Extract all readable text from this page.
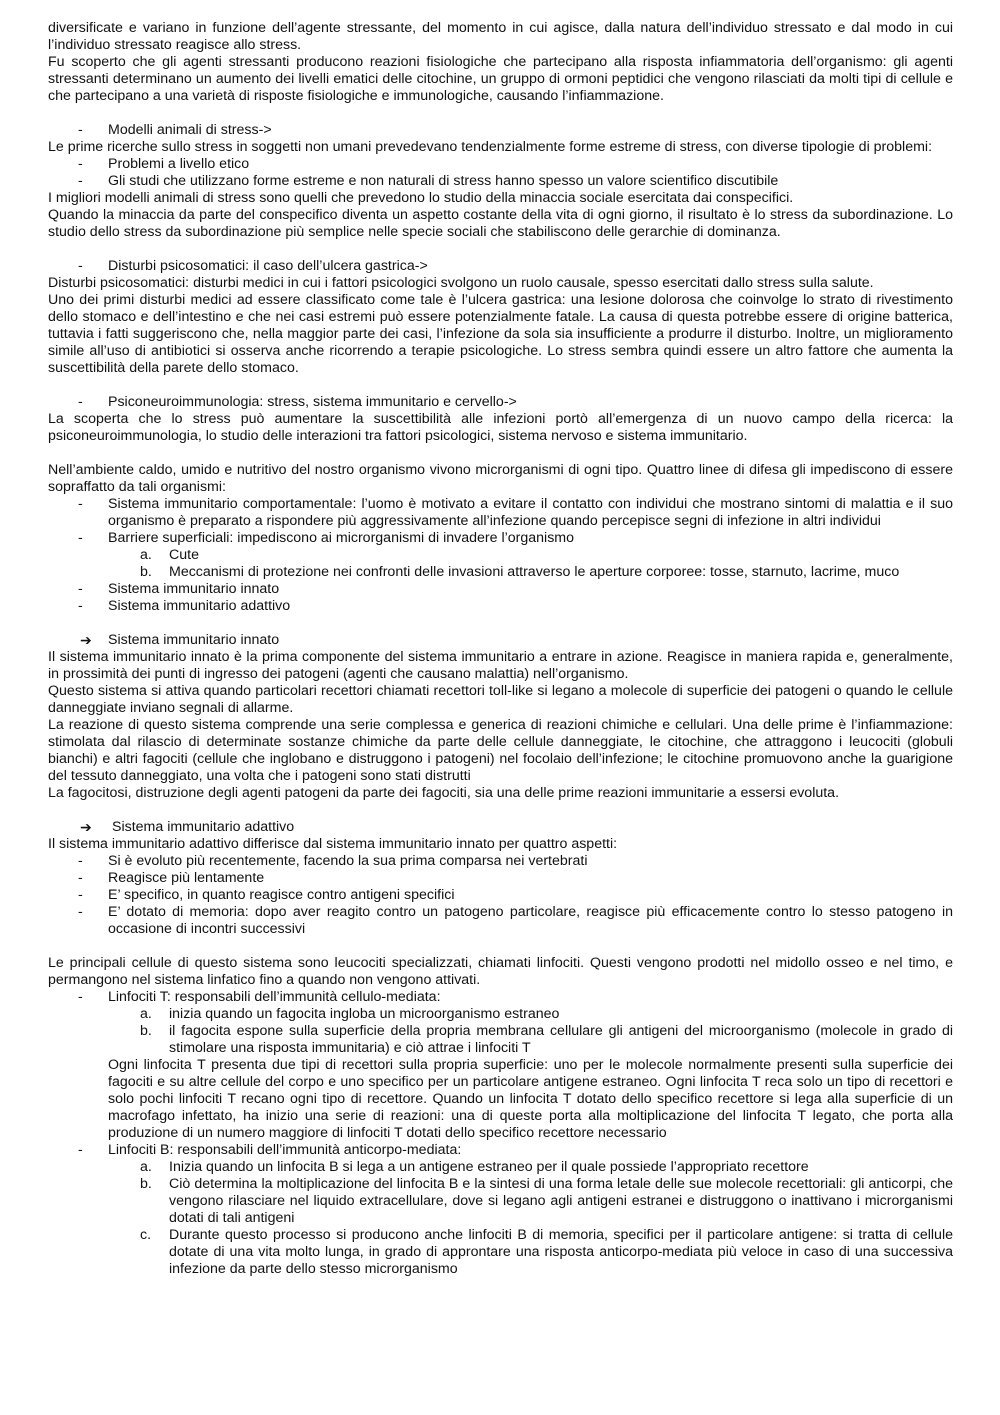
diversificate e variano in funzione dell’agente stressante, del momento in cui agisce, dalla natura dell’individuo stressato e dal modo in cui l’individuo stressato reagisce allo stress.

Fu scoperto che gli agenti stressanti producono reazioni fisiologiche che partecipano alla risposta infiammatoria dell’organismo: gli agenti stressanti determinano un aumento dei livelli ematici delle citochine, un gruppo di ormoni peptidici che vengono rilasciati da molti tipi di cellule e che partecipano a una varietà di risposte fisiologiche e immunologiche, causando l’infiammazione.

- Modelli animali di stress->

Le prime ricerche sullo stress in soggetti non umani prevedevano tendenzialmente forme estreme di stress, con diverse tipologie di problemi:

- Problemi a livello etico
- Gli studi che utilizzano forme estreme e non naturali di stress hanno spesso un valore scientifico discutibile

I migliori modelli animali di stress sono quelli che prevedono lo studio della minaccia sociale esercitata dai conspecifici.

Quando la minaccia da parte del conspecifico diventa un aspetto costante della vita di ogni giorno, il risultato è lo stress da subordinazione. Lo studio dello stress da subordinazione più semplice nelle specie sociali che stabiliscono delle gerarchie di dominanza.

- Disturbi psicosomatici: il caso dell’ulcera gastrica->

Disturbi psicosomatici: disturbi medici in cui i fattori psicologici svolgono un ruolo causale, spesso esercitati dallo stress sulla salute.

Uno dei primi disturbi medici ad essere classificato come tale è l’ulcera gastrica: una lesione dolorosa che coinvolge lo strato di rivestimento dello stomaco e dell’intestino e che nei casi estremi può essere potenzialmente fatale. La causa di questa potrebbe essere di origine batterica, tuttavia i fatti suggeriscono che, nella maggior parte dei casi, l’infezione da sola sia insufficiente a produrre il disturbo. Inoltre, un miglioramento simile all’uso di antibiotici si osserva anche ricorrendo a terapie psicologiche. Lo stress sembra quindi essere un altro fattore che aumenta la suscettibilità della parete dello stomaco.

- Psiconeuroimmunologia: stress, sistema immunitario e cervello->

La scoperta che lo stress può aumentare la suscettibilità alle infezioni portò all’emergenza di un nuovo campo della ricerca: la psiconeuroimmunologia, lo studio delle interazioni tra fattori psicologici, sistema nervoso e sistema immunitario.

Nell’ambiente caldo, umido e nutritivo del nostro organismo vivono microrganismi di ogni tipo. Quattro linee di difesa gli impediscono di essere sopraffatto da tali organismi:

- Sistema immunitario comportamentale: l’uomo è motivato a evitare il contatto con individui che mostrano sintomi di malattia e il suo organismo è preparato a rispondere più aggressivamente all’infezione quando percepisce segni di infezione in altri individui
- Barriere superficiali: impediscono ai microrganismi di invadere l’organismo
a. Cute
b. Meccanismi di protezione nei confronti delle invasioni attraverso le aperture corporee: tosse, starnuto, lacrime, muco
- Sistema immunitario innato
- Sistema immunitario adattivo
➔ Sistema immunitario innato

Il sistema immunitario innato è la prima componente del sistema immunitario a entrare in azione. Reagisce in maniera rapida e, generalmente, in prossimità dei punti di ingresso dei patogeni (agenti che causano malattia) nell’organismo.

Questo sistema si attiva quando particolari recettori chiamati recettori toll-like si legano a molecole di superficie dei patogeni o quando le cellule danneggiate inviano segnali di allarme.

La reazione di questo sistema comprende una serie complessa e generica di reazioni chimiche e cellulari. Una delle prime è l’infiammazione: stimolata dal rilascio di determinate sostanze chimiche da parte delle cellule danneggiate, le citochine, che attraggono i leucociti (globuli bianchi) e altri fagociti (cellule che inglobano e distruggono i patogeni) nel focolaio dell’infezione; le citochine promuovono anche la guarigione del tessuto danneggiato, una volta che i patogeni sono stati distrutti

La fagocitosi, distruzione degli agenti patogeni da parte dei fagociti, sia una delle prime reazioni immunitarie a essersi evoluta.

➔ Sistema immunitario adattivo

Il sistema immunitario adattivo differisce dal sistema immunitario innato per quattro aspetti:

- Si è evoluto più recentemente, facendo la sua prima comparsa nei vertebrati
- Reagisce più lentamente
- E’ specifico, in quanto reagisce contro antigeni specifici
- E’ dotato di memoria: dopo aver reagito contro un patogeno particolare, reagisce più efficacemente contro lo stesso patogeno in occasione di incontri successivi

Le principali cellule di questo sistema sono leucociti specializzati, chiamati linfociti. Questi vengono prodotti nel midollo osseo e nel timo, e permangono nel sistema linfatico fino a quando non vengono attivati.

- Linfociti T: responsabili dell’immunità cellulo-mediata:
a. inizia quando un fagocita ingloba un microorganismo estraneo
b. il fagocita espone sulla superficie della propria membrana cellulare gli antigeni del microorganismo (molecole in grado di stimolare una risposta immunitaria) e ciò attrae i linfociti T

Ogni linfocita T presenta due tipi di recettori sulla propria superficie: uno per le molecole normalmente presenti sulla superficie dei fagociti e su altre cellule del corpo e uno specifico per un particolare antigene estraneo. Ogni linfocita T reca solo un tipo di recettori e solo pochi linfociti T recano ogni tipo di recettore. Quando un linfocita T dotato dello specifico recettore si lega alla superficie di un macrofago infettato, ha inizio una serie di reazioni: una di queste porta alla moltiplicazione del linfocita T legato, che porta alla produzione di un numero maggiore di linfociti T dotati dello specifico recettore necessario

- Linfociti B: responsabili dell’immunità anticorpo-mediata:
a. Inizia quando un linfocita B si lega a un antigene estraneo per il quale possiede l’appropriato recettore
b. Ciò determina la moltiplicazione del linfocita B e la sintesi di una forma letale delle sue molecole recettoriali: gli anticorpi, che vengono rilasciare nel liquido extracellulare, dove si legano agli antigeni estranei e distruggono o inattivano i microrganismi dotati di tali antigeni
c. Durante questo processo si producono anche linfociti B di memoria, specifici per il particolare antigene: si tratta di cellule dotate di una vita molto lunga, in grado di approntare una risposta anticorpo-mediata più veloce in caso di una successiva infezione da parte dello stesso microrganismo
